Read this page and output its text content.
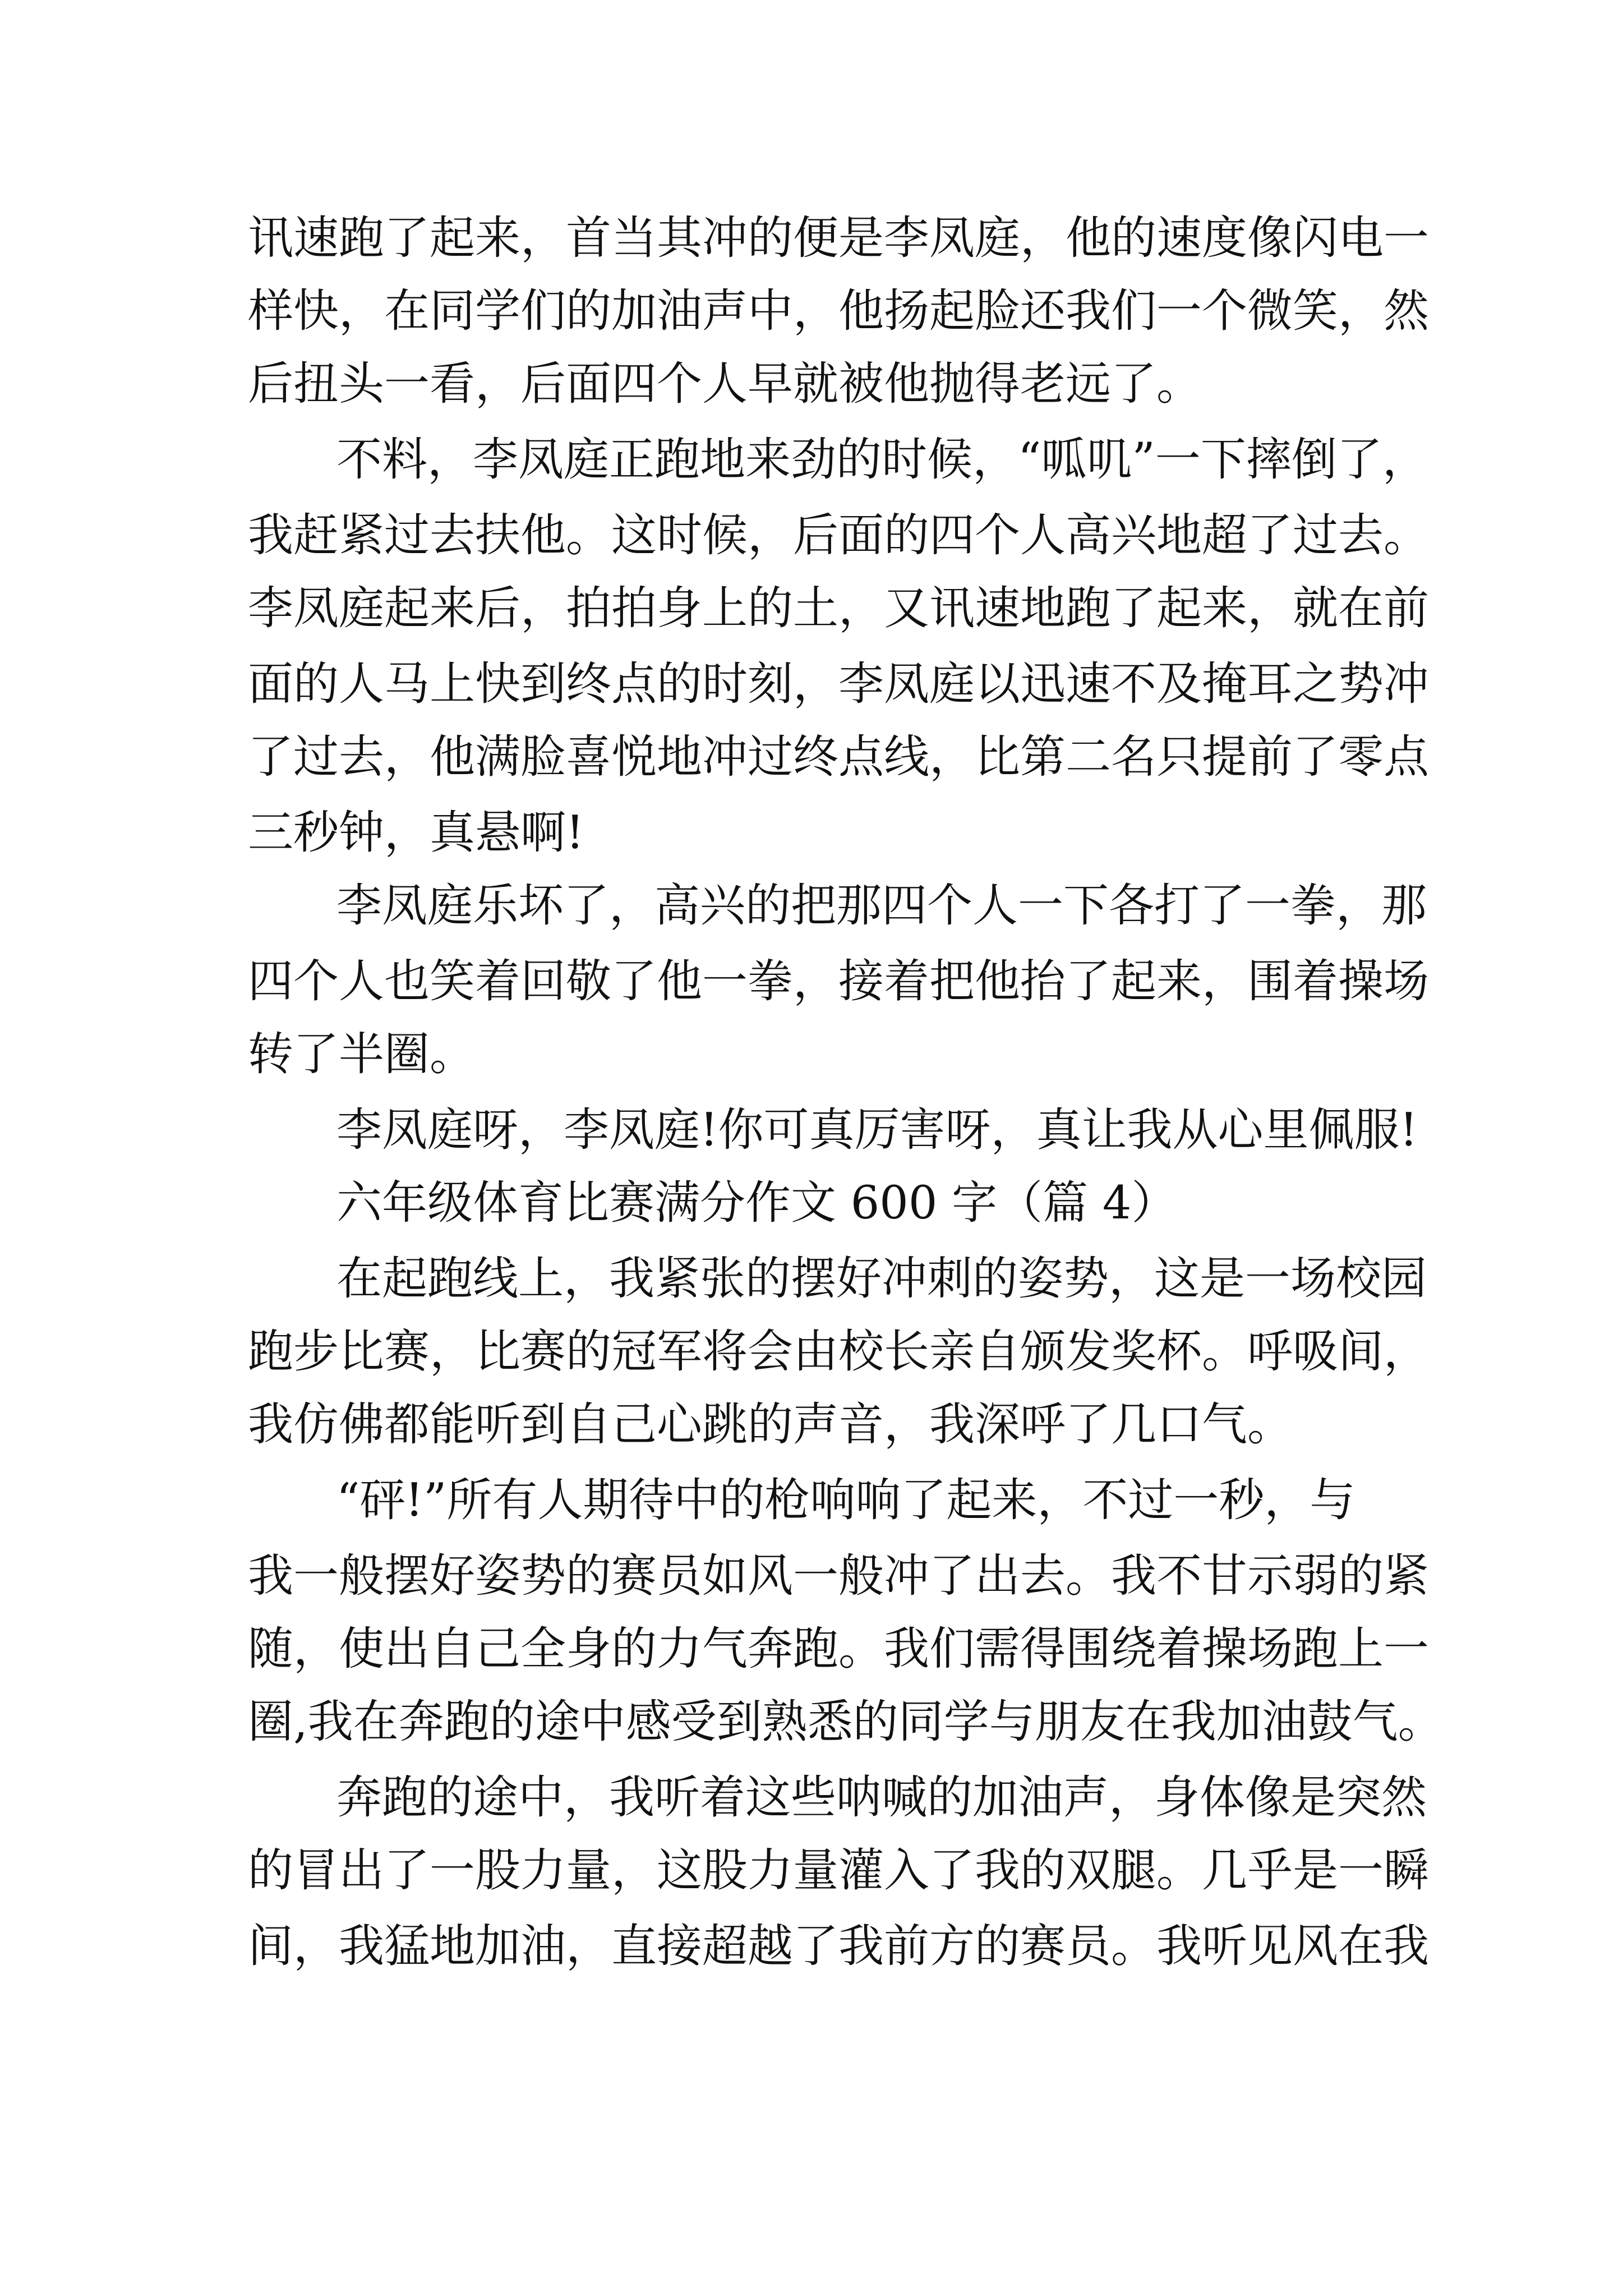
讯速跑了起来，首当其冲的便是李凤庭，他的速度像闪电一
样快，在同学们的加油声中，他扬起脸还我们一个微笑，然
后扭头一看，后面四个人早就被他抛得老远了。
不料，李凤庭正跑地来劲的时候，“呱叽”一下摔倒了，
我赶紧过去扶他。这时候，后面的四个人高兴地超了过去。
李凤庭起来后，拍拍身上的土，又讯速地跑了起来，就在前
面的人马上快到终点的时刻，李凤庭以迅速不及掩耳之势冲
了过去，他满脸喜悦地冲过终点线，比第二名只提前了零点
三秒钟，真悬啊!
李凤庭乐坏了，高兴的把那四个人一下各打了一拳，那
四个人也笑着回敬了他一拳，接着把他抬了起来，围着操场
转了半圈。
李凤庭呀，李凤庭!你可真厉害呀，真让我从心里佩服!
六年级体育比赛满分作文 600 字（篇 4）
在起跑线上，我紧张的摆好冲刺的姿势，这是一场校园
跑步比赛，比赛的冠军将会由校长亲自颁发奖杯。呼吸间，
我仿佛都能听到自己心跳的声音，我深呼了几口气。
“砰!”所有人期待中的枪响响了起来，不过一秒，与
我一般摆好姿势的赛员如风一般冲了出去。我不甘示弱的紧
随，使出自己全身的力气奔跑。我们需得围绕着操场跑上一
圈,我在奔跑的途中感受到熟悉的同学与朋友在我加油鼓气。
奔跑的途中，我听着这些呐喊的加油声，身体像是突然
的冒出了一股力量，这股力量灌入了我的双腿。几乎是一瞬
间，我猛地加油，直接超越了我前方的赛员。我听见风在我
